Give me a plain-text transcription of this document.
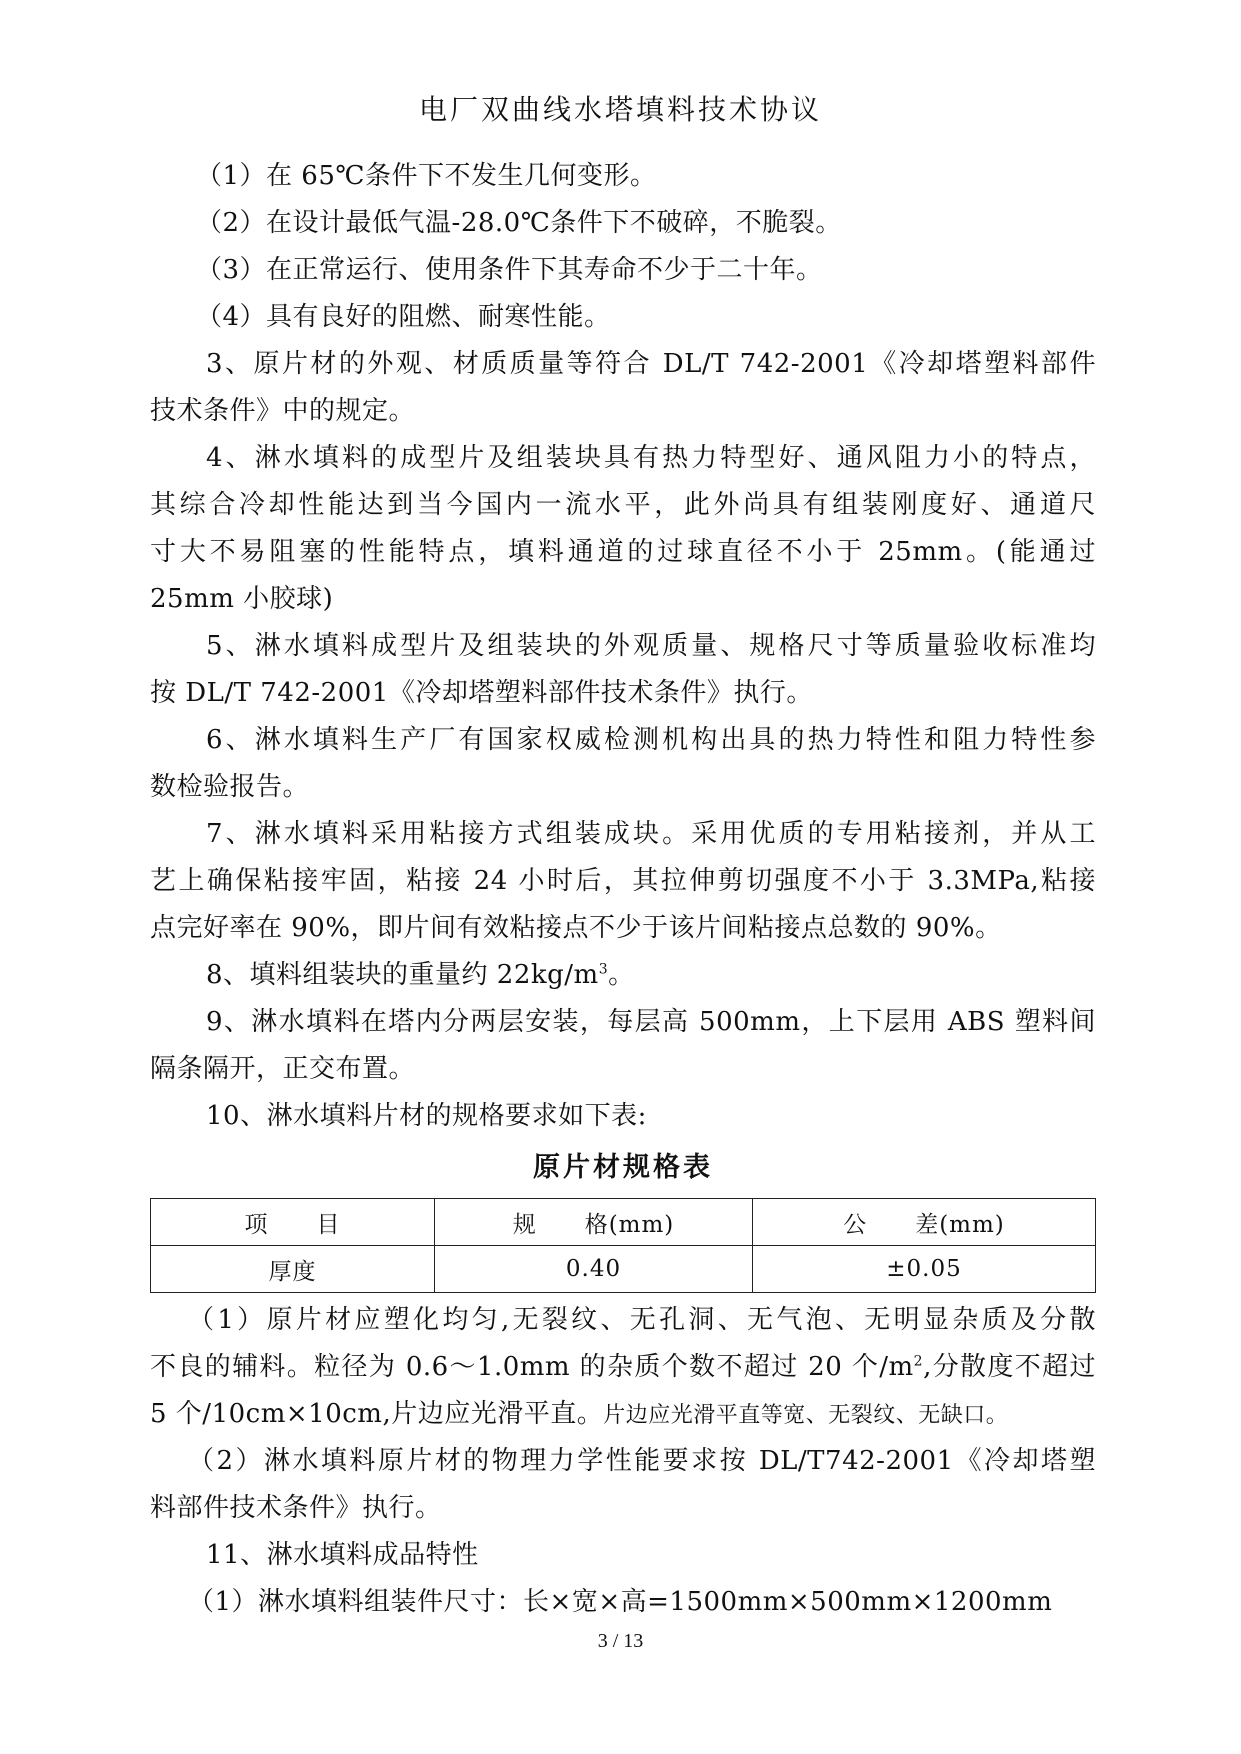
电厂双曲线水塔填料技术协议
（1）在 65℃条件下不发生几何变形。
（2）在设计最低气温-28.0℃条件下不破碎，不脆裂。
（3）在正常运行、使用条件下其寿命不少于二十年。
（4）具有良好的阻燃、耐寒性能。
3、原片材的外观、材质质量等符合 DL/T 742-2001《冷却塔塑料部件
技术条件》中的规定。
4、淋水填料的成型片及组装块具有热力特型好、通风阻力小的特点，
其综合冷却性能达到当今国内一流水平，此外尚具有组装刚度好、通道尺
寸大不易阻塞的性能特点，填料通道的过球直径不小于 25mm。(能通过
25mm 小胶球)
5、淋水填料成型片及组装块的外观质量、规格尺寸等质量验收标准均
按 DL/T 742-2001《冷却塔塑料部件技术条件》执行。
6、淋水填料生产厂有国家权威检测机构出具的热力特性和阻力特性参
数检验报告。
7、淋水填料采用粘接方式组装成块。采用优质的专用粘接剂，并从工
艺上确保粘接牢固，粘接 24 小时后，其拉伸剪切强度不小于 3.3MPa,粘接
点完好率在 90%，即片间有效粘接点不少于该片间粘接点总数的 90%。
8、填料组装块的重量约 $22kg/m^3$。
9、淋水填料在塔内分两层安装，每层高 500mm，上下层用 ABS 塑料间
隔条隔开，正交布置。
10、淋水填料片材的规格要求如下表:
原片材规格表
项　　目	规　　格(mm)	公　　差(mm)
厚度	0.40	±0.05
（1）原片材应塑化均匀,无裂纹、无孔洞、无气泡、无明显杂质及分散
不良的辅料。粒径为 0.6～1.0mm 的杂质个数不超过 20 个$/m^2$,分散度不超过
5 个/10cm×10cm,片边应光滑平直。片边应光滑平直等宽、无裂纹、无缺口。
（2）淋水填料原片材的物理力学性能要求按 DL/T742-2001《冷却塔塑
料部件技术条件》执行。
11、淋水填料成品特性
（1）淋水填料组装件尺寸：长×宽×高=1500mm×500mm×1200mm
3 / 13
